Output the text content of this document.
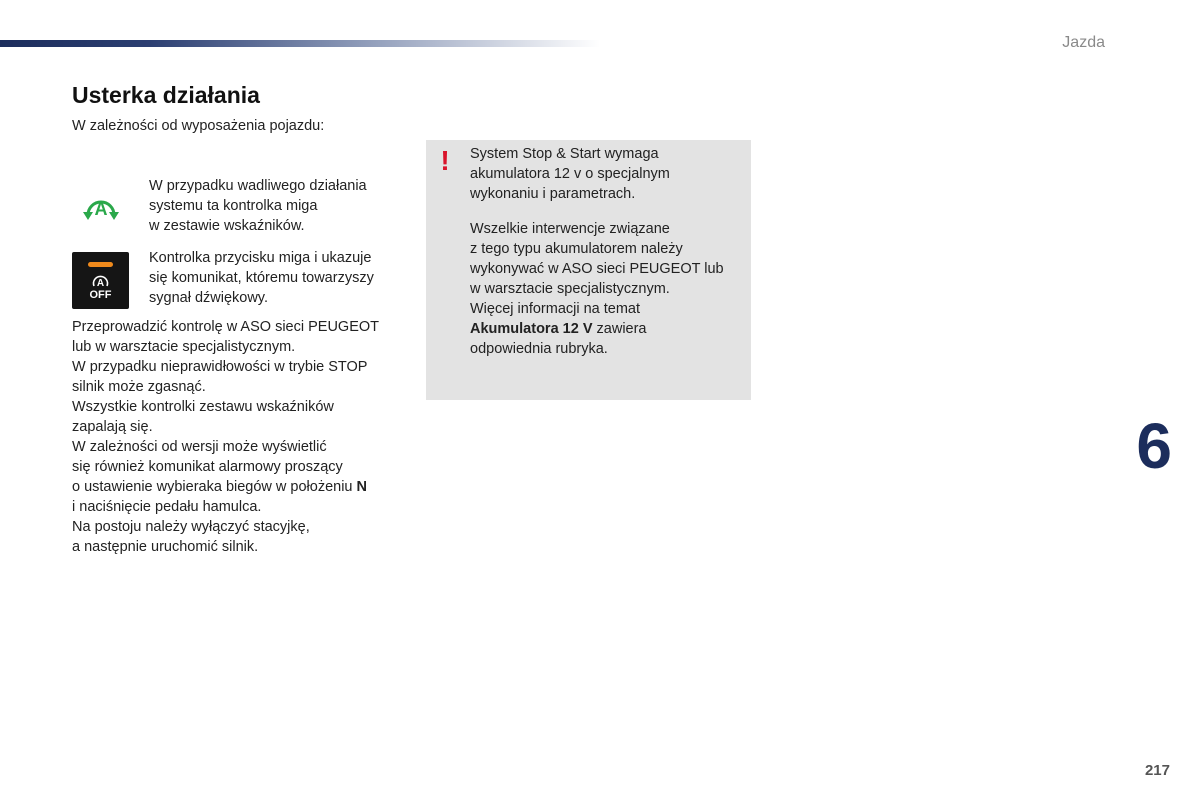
Jazda
Usterka działania
W zależności od wyposażenia pojazdu:
A

W przypadku wadliwego działania

systemu ta kontrolka miga

w zestawie wskaźników.

A
OFF

Kontrolka przycisku miga i ukazuje

się komunikat, któremu towarzyszy

sygnał dźwiękowy.

Przeprowadzić kontrolę w ASO sieci PEUGEOT

lub w warsztacie specjalistycznym.

W przypadku nieprawidłowości w trybie STOP

silnik może zgasnąć.

Wszystkie kontrolki zestawu wskaźników

zapalają się.

W zależności od wersji może wyświetlić

się również komunikat alarmowy proszący

o ustawienie wybieraka biegów w położeniu N

i naciśnięcie pedału hamulca.

Na postoju należy wyłączyć stacyjkę,

a następnie uruchomić silnik.

! System Stop & Start wymaga

akumulatora 12 v o specjalnym

wykonaniu i parametrach.

Wszelkie interwencje związane

z tego typu akumulatorem należy

wykonywać w ASO sieci PEUGEOT lub

w warsztacie specjalistycznym.

Więcej informacji na temat

Akumulatora 12 V zawiera

odpowiednia rubryka.

6
217
